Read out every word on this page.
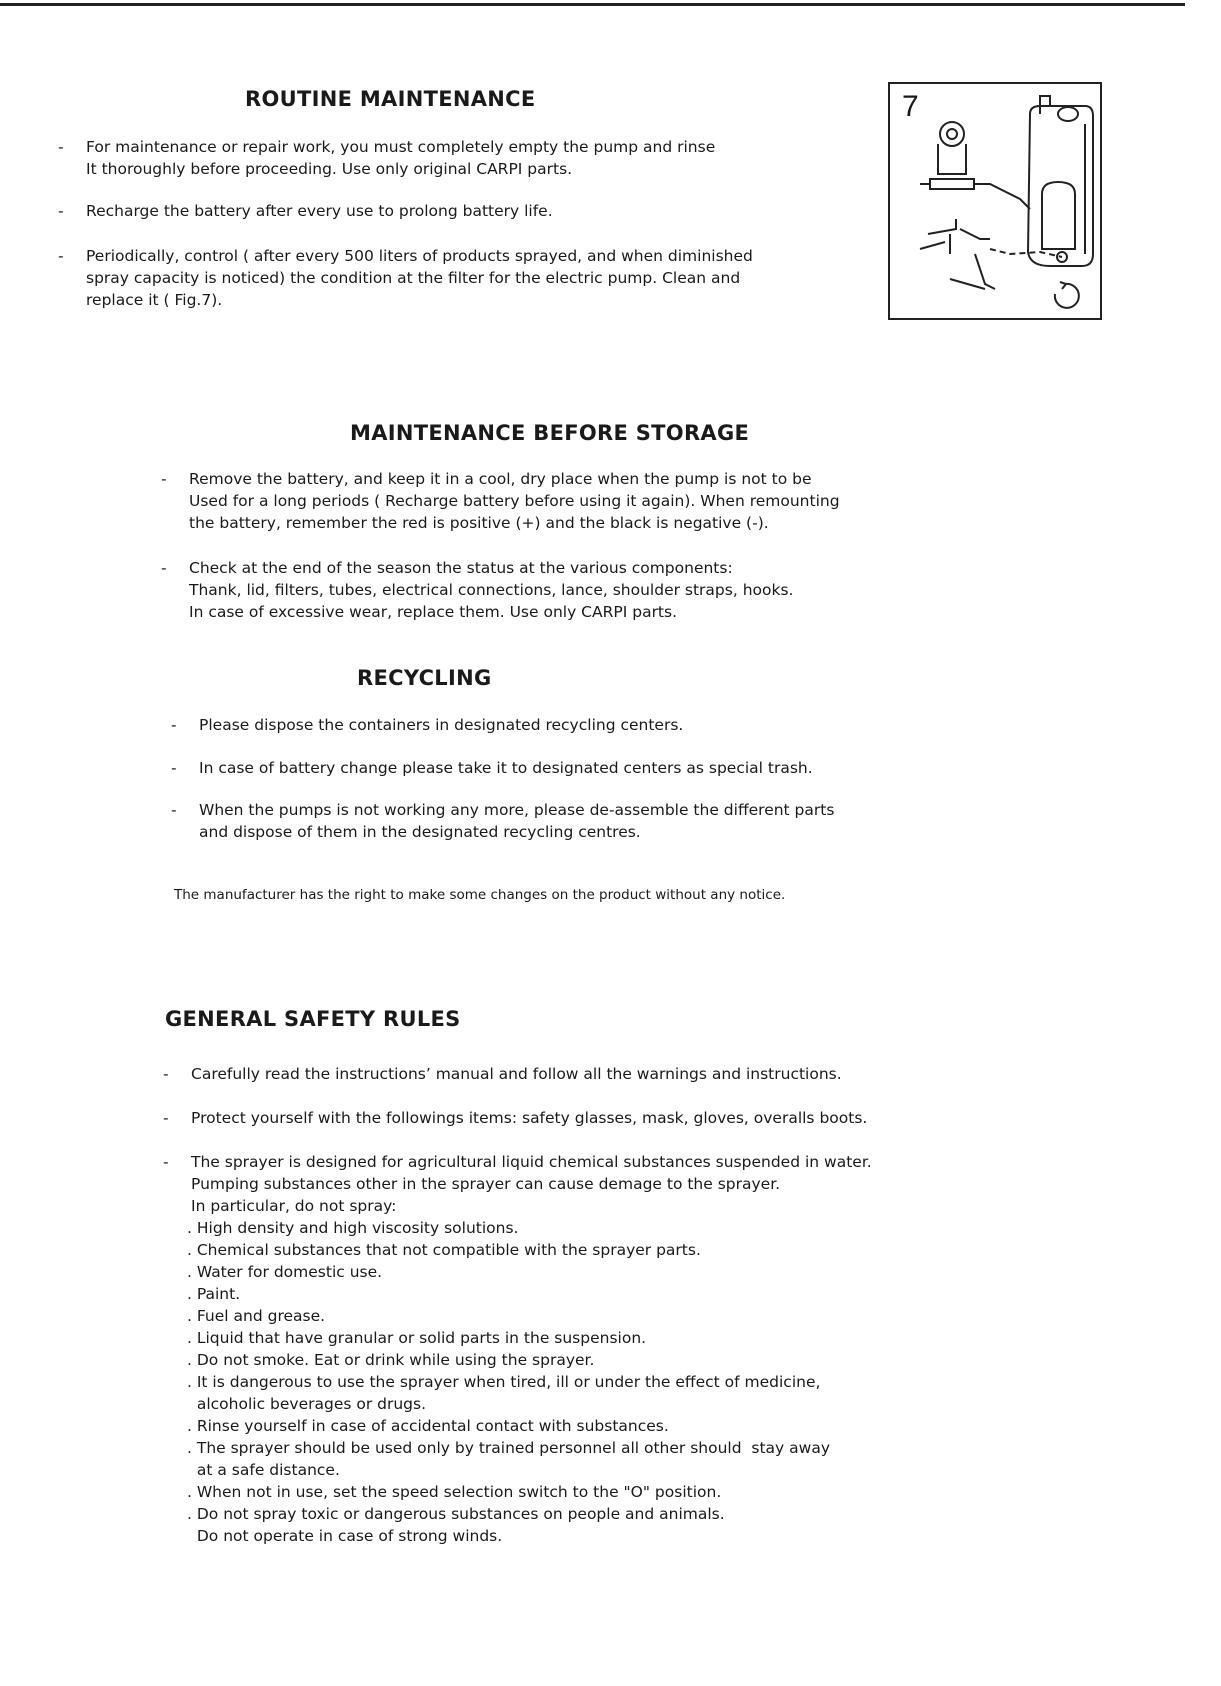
ROUTINE MAINTENANCE
- For maintenance or repair work, you must completely empty the pump and rinse
It thoroughly before proceeding. Use only original CARPI parts.
- Recharge the battery after every use to prolong battery life.
- Periodically, control ( after every 500 liters of products sprayed, and when diminished
spray capacity is noticed) the condition at the filter for the electric pump. Clean and
replace it ( Fig.7).
7
MAINTENANCE BEFORE STORAGE
- Remove the battery, and keep it in a cool, dry place when the pump is not to be
Used for a long periods ( Recharge battery before using it again). When remounting
the battery, remember the red is positive (+) and the black is negative (-).
- Check at the end of the season the status at the various components:
Thank, lid, filters, tubes, electrical connections, lance, shoulder straps, hooks.
In case of excessive wear, replace them. Use only CARPI parts.
RECYCLING
- Please dispose the containers in designated recycling centers.
- In case of battery change please take it to designated centers as special trash.
- When the pumps is not working any more, please de-assemble the different parts
and dispose of them in the designated recycling centres.
The manufacturer has the right to make some changes on the product without any notice.
GENERAL SAFETY RULES
- Carefully read the instructions’ manual and follow all the warnings and instructions.
- Protect yourself with the followings items: safety glasses, mask, gloves, overalls boots.
- The sprayer is designed for agricultural liquid chemical substances suspended in water.
Pumping substances other in the sprayer can cause demage to the sprayer.
In particular, do not spray:
. High density and high viscosity solutions.
. Chemical substances that not compatible with the sprayer parts.
. Water for domestic use.
. Paint.
. Fuel and grease.
. Liquid that have granular or solid parts in the suspension.
. Do not smoke. Eat or drink while using the sprayer.
. It is dangerous to use the sprayer when tired, ill or under the effect of medicine,
alcoholic beverages or drugs.
. Rinse yourself in case of accidental contact with substances.
. The sprayer should be used only by trained personnel all other should  stay away
at a safe distance.
. When not in use, set the speed selection switch to the "O" position.
. Do not spray toxic or dangerous substances on people and animals.
Do not operate in case of strong winds.
